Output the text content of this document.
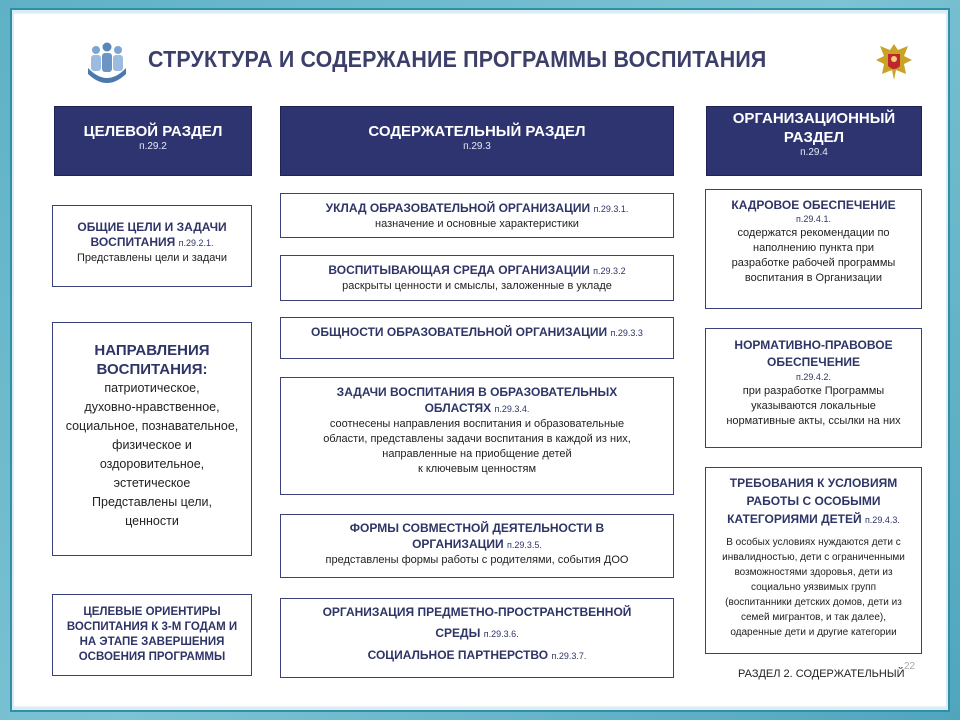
СТРУКТУРА И СОДЕРЖАНИЕ ПРОГРАММЫ ВОСПИТАНИЯ
ЦЕЛЕВОЙ РАЗДЕЛ
п.29.2
СОДЕРЖАТЕЛЬНЫЙ РАЗДЕЛ
п.29.3
ОРГАНИЗАЦИОННЫЙ
РАЗДЕЛ
п.29.4
ОБЩИЕ ЦЕЛИ И ЗАДАЧИ
ВОСПИТАНИЯ п.29.2.1.
Представлены цели и задачи
НАПРАВЛЕНИЯ
ВОСПИТАНИЯ:
патриотическое,
духовно-нравственное,
социальное, познавательное,
физическое и
оздоровительное,
эстетическое
Представлены цели,
ценности
ЦЕЛЕВЫЕ ОРИЕНТИРЫ
ВОСПИТАНИЯ К 3-М ГОДАМ И
НА ЭТАПЕ ЗАВЕРШЕНИЯ
ОСВОЕНИЯ ПРОГРАММЫ
УКЛАД ОБРАЗОВАТЕЛЬНОЙ ОРГАНИЗАЦИИ п.29.3.1.
назначение и основные характеристики
ВОСПИТЫВАЮЩАЯ СРЕДА ОРГАНИЗАЦИИ п.29.3.2
раскрыты ценности и смыслы, заложенные в укладе
ОБЩНОСТИ ОБРАЗОВАТЕЛЬНОЙ ОРГАНИЗАЦИИ п.29.3.3
ЗАДАЧИ ВОСПИТАНИЯ В ОБРАЗОВАТЕЛЬНЫХ
ОБЛАСТЯХ п.29.3.4.
соотнесены направления воспитания и образовательные
области, представлены задачи воспитания в каждой из них,
направленные на приобщение детей
к ключевым ценностям
ФОРМЫ СОВМЕСТНОЙ ДЕЯТЕЛЬНОСТИ В
ОРГАНИЗАЦИИ п.29.3.5.
представлены формы работы с родителями, события ДОО
ОРГАНИЗАЦИЯ ПРЕДМЕТНО-ПРОСТРАНСТВЕННОЙ
СРЕДЫ п.29.3.6.
СОЦИАЛЬНОЕ ПАРТНЕРСТВО п.29.3.7.
КАДРОВОЕ ОБЕСПЕЧЕНИЕ
п.29.4.1.
содержатся рекомендации по
наполнению пункта при
разработке рабочей программы
воспитания в Организации
НОРМАТИВНО-ПРАВОВОЕ
ОБЕСПЕЧЕНИЕ
п.29.4.2.
при разработке Программы
указываются локальные
нормативные акты, ссылки на них
ТРЕБОВАНИЯ К УСЛОВИЯМ
РАБОТЫ С ОСОБЫМИ
КАТЕГОРИЯМИ ДЕТЕЙ п.29.4.3.
В особых условиях нуждаются дети с
инвалидностью, дети с ограниченными
возможностями здоровья, дети из
социально уязвимых групп
(воспитанники детских домов, дети из
семей мигрантов, и так далее),
одаренные дети и другие категории
РАЗДЕЛ 2. СОДЕРЖАТЕЛЬНЫЙ
22
